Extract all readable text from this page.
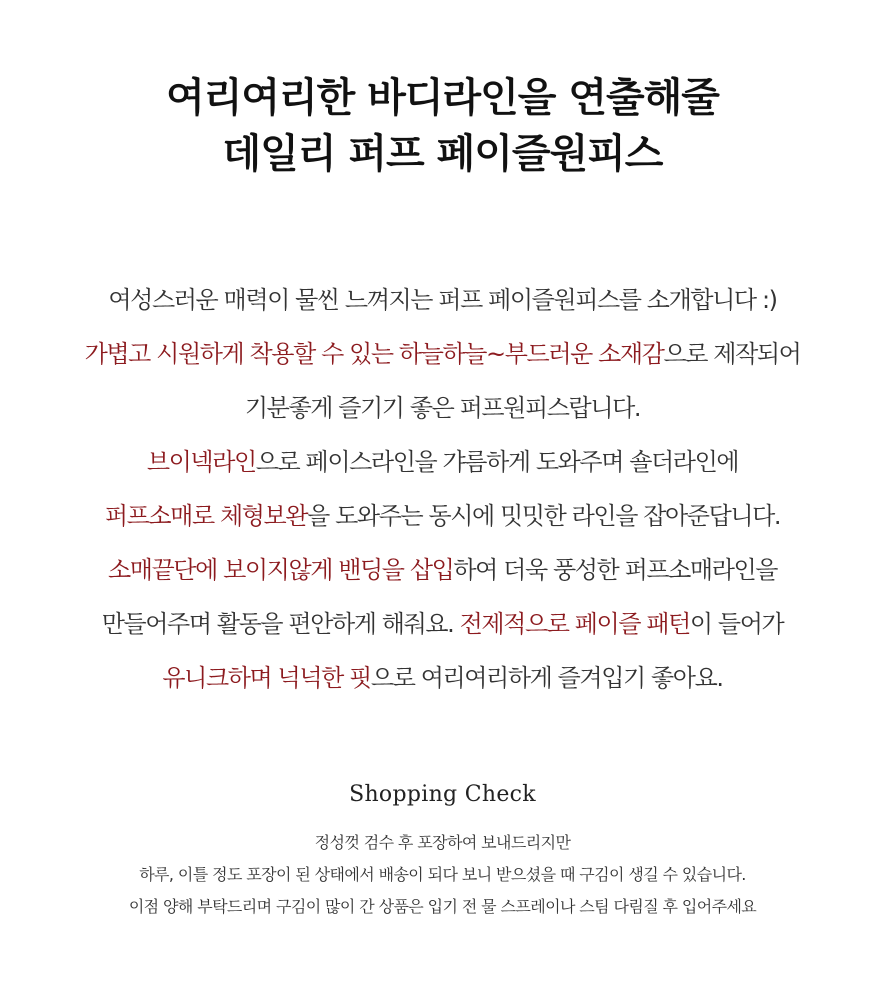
여리여리한 바디라인을 연출해줄
데일리 퍼프 페이즐원피스
여성스러운 매력이 물씬 느껴지는 퍼프 페이즐원피스를 소개합니다 :)
가볍고 시원하게 착용할 수 있는 하늘하늘~부드러운 소재감으로 제작되어
기분좋게 즐기기 좋은 퍼프원피스랍니다.
브이넥라인으로 페이스라인을 갸름하게 도와주며 숄더라인에
퍼프소매로 체형보완을 도와주는 동시에 밋밋한 라인을 잡아준답니다.
소매끝단에 보이지않게 밴딩을 삽입하여 더욱 풍성한 퍼프소매라인을
만들어주며 활동을 편안하게 해줘요. 전제적으로 페이즐 패턴이 들어가
유니크하며 넉넉한 핏으로 여리여리하게 즐겨입기 좋아요.
Shopping Check
정성껏 검수 후 포장하여 보내드리지만
하루, 이틀 정도 포장이 된 상태에서 배송이 되다 보니 받으셨을 때 구김이 생길 수 있습니다.
이점 양해 부탁드리며 구김이 많이 간 상품은 입기 전 물 스프레이나 스팀 다림질 후 입어주세요
